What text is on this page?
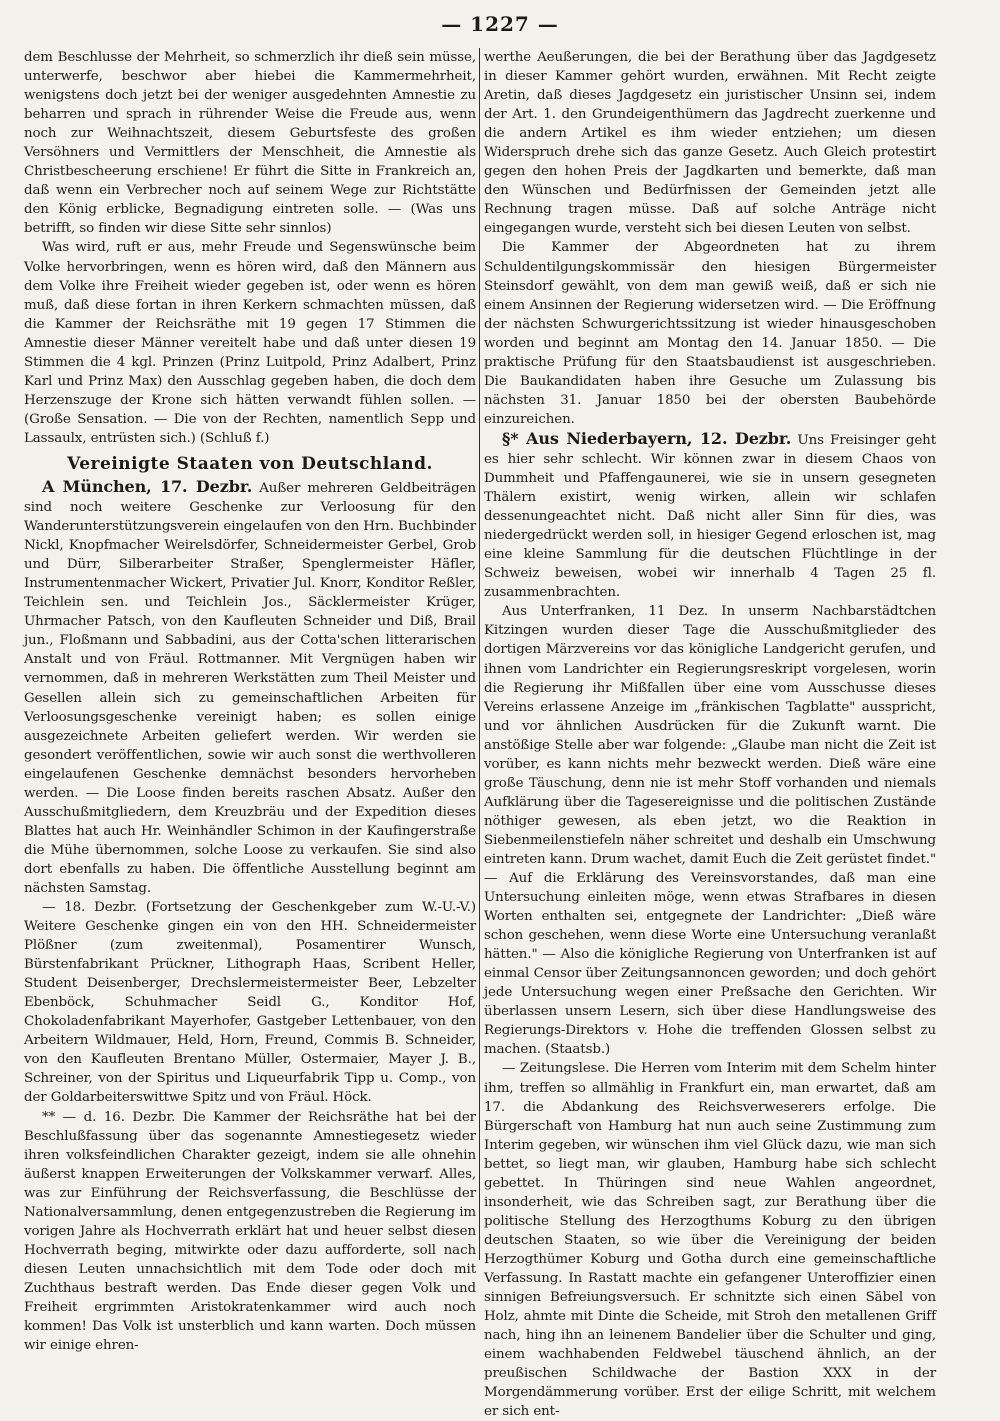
— 1227 —

dem Beschlusse der Mehrheit, so schmerzlich ihr dieß sein müsse, unterwerfe, beschwor aber hiebei die Kammermehrheit, wenigstens doch jetzt bei der weniger ausgedehnten Amnestie zu beharren und sprach in rührender Weise die Freude aus, wenn noch zur Weihnachtszeit, diesem Geburtsfeste des großen Versöhners und Vermittlers der Menschheit, die Amnestie als Christbescheerung erschiene! Er führt die Sitte in Frankreich an, daß wenn ein Verbrecher noch auf seinem Wege zur Richtstätte den König erblicke, Begnadigung eintreten solle. — (Was uns betrifft, so finden wir diese Sitte sehr sinnlos)

Was wird, ruft er aus, mehr Freude und Segenswünsche beim Volke hervorbringen, wenn es hören wird, daß den Männern aus dem Volke ihre Freiheit wieder gegeben ist, oder wenn es hören muß, daß diese fortan in ihren Kerkern schmachten müssen, daß die Kammer der Reichsräthe mit 19 gegen 17 Stimmen die Amnestie dieser Männer vereitelt habe und daß unter diesen 19 Stimmen die 4 kgl. Prinzen (Prinz Luitpold, Prinz Adalbert, Prinz Karl und Prinz Max) den Ausschlag gegeben haben, die doch dem Herzenszuge der Krone sich hätten verwandt fühlen sollen. — (Große Sensation. — Die von der Rechten, namentlich Sepp und Lassaulx, entrüsten sich.) (Schluß f.)

Vereinigte Staaten von Deutschland.

A München, 17. Dezbr. Außer mehreren Geldbeiträgen sind noch weitere Geschenke zur Verloosung für den Wanderunterstützungsverein eingelaufen von den Hrn. Buchbinder Nickl, Knopfmacher Weirelsdörfer, Schneidermeister Gerbel, Grob und Dürr, Silberarbeiter Straßer, Spenglermeister Häfler, Instrumentenmacher Wickert, Privatier Jul. Knorr, Konditor Reßler, Teichlein sen. und Teichlein Jos., Säcklermeister Krüger, Uhrmacher Patsch, von den Kaufleuten Schneider und Diß, Brail jun., Floßmann und Sabbadini, aus der Cotta'schen litterarischen Anstalt und von Fräul. Rottmanner. Mit Vergnügen haben wir vernommen, daß in mehreren Werkstätten zum Theil Meister und Gesellen allein sich zu gemeinschaftlichen Arbeiten für Verloosungsgeschenke vereinigt haben; es sollen einige ausgezeichnete Arbeiten geliefert werden. Wir werden sie gesondert veröffentlichen, sowie wir auch sonst die werthvolleren eingelaufenen Geschenke demnächst besonders hervorheben werden. — Die Loose finden bereits raschen Absatz. Außer den Ausschußmitgliedern, dem Kreuzbräu und der Expedition dieses Blattes hat auch Hr. Weinhändler Schimon in der Kaufingerstraße die Mühe übernommen, solche Loose zu verkaufen. Sie sind also dort ebenfalls zu haben. Die öffentliche Ausstellung beginnt am nächsten Samstag.

— 18. Dezbr. (Fortsetzung der Geschenkgeber zum W.-U.-V.) Weitere Geschenke gingen ein von den HH. Schneidermeister Plößner (zum zweitenmal), Posamentirer Wunsch, Bürstenfabrikant Prückner, Lithograph Haas, Scribent Heller, Student Deisenberger, Drechslermeistermeister Beer, Lebzelter Ebenböck, Schuhmacher Seidl G., Konditor Hof, Chokoladenfabrikant Mayerhofer, Gastgeber Lettenbauer, von den Arbeitern Wildmauer, Held, Horn, Freund, Commis B. Schneider, von den Kaufleuten Brentano Müller, Ostermaier, Mayer J. B., Schreiner, von der Spiritus und Liqueurfabrik Tipp u. Comp., von der Goldarbeiterswittwe Spitz und von Fräul. Höck.

** — d. 16. Dezbr. Die Kammer der Reichsräthe hat bei der Beschlußfassung über das sogenannte Amnestiegesetz wieder ihren volksfeindlichen Charakter gezeigt, indem sie alle ohnehin äußerst knappen Erweiterungen der Volkskammer verwarf. Alles, was zur Einführung der Reichsverfassung, die Beschlüsse der Nationalversammlung, denen entgegenzustreben die Regierung im vorigen Jahre als Hochverrath erklärt hat und heuer selbst diesen Hochverrath beging, mitwirkte oder dazu aufforderte, soll nach diesen Leuten unnachsichtlich mit dem Tode oder doch mit Zuchthaus bestraft werden. Das Ende dieser gegen Volk und Freiheit ergrimmten Aristokratenkammer wird auch noch kommen! Das Volk ist unsterblich und kann warten. Doch müssen wir einige ehren-

werthe Aeußerungen, die bei der Berathung über das Jagdgesetz in dieser Kammer gehört wurden, erwähnen. Mit Recht zeigte Aretin, daß dieses Jagdgesetz ein juristischer Unsinn sei, indem der Art. 1. den Grundeigenthümern das Jagdrecht zuerkenne und die andern Artikel es ihm wieder entziehen; um diesen Widerspruch drehe sich das ganze Gesetz. Auch Gleich protestirt gegen den hohen Preis der Jagdkarten und bemerkte, daß man den Wünschen und Bedürfnissen der Gemeinden jetzt alle Rechnung tragen müsse. Daß auf solche Anträge nicht eingegangen wurde, versteht sich bei diesen Leuten von selbst.

Die Kammer der Abgeordneten hat zu ihrem Schuldentilgungskommissär den hiesigen Bürgermeister Steinsdorf gewählt, von dem man gewiß weiß, daß er sich nie einem Ansinnen der Regierung widersetzen wird. — Die Eröffnung der nächsten Schwurgerichtssitzung ist wieder hinausgeschoben worden und beginnt am Montag den 14. Januar 1850. — Die praktische Prüfung für den Staatsbaudienst ist ausgeschrieben. Die Baukandidaten haben ihre Gesuche um Zulassung bis nächsten 31. Januar 1850 bei der obersten Baubehörde einzureichen.

§* Aus Niederbayern, 12. Dezbr. Uns Freisinger geht es hier sehr schlecht. Wir können zwar in diesem Chaos von Dummheit und Pfaffengaunerei, wie sie in unsern gesegneten Thälern existirt, wenig wirken, allein wir schlafen dessenungeachtet nicht. Daß nicht aller Sinn für dies, was niedergedrückt werden soll, in hiesiger Gegend erloschen ist, mag eine kleine Sammlung für die deutschen Flüchtlinge in der Schweiz beweisen, wobei wir innerhalb 4 Tagen 25 fl. zusammenbrachten.

Aus Unterfranken, 11 Dez. In unserm Nachbarstädtchen Kitzingen wurden dieser Tage die Ausschußmitglieder des dortigen Märzvereins vor das königliche Landgericht gerufen, und ihnen vom Landrichter ein Regierungsreskript vorgelesen, worin die Regierung ihr Mißfallen über eine vom Ausschusse dieses Vereins erlassene Anzeige im „fränkischen Tagblatte" ausspricht, und vor ähnlichen Ausdrücken für die Zukunft warnt. Die anstößige Stelle aber war folgende: „Glaube man nicht die Zeit ist vorüber, es kann nichts mehr bezweckt werden. Dieß wäre eine große Täuschung, denn nie ist mehr Stoff vorhanden und niemals Aufklärung über die Tagesereignisse und die politischen Zustände nöthiger gewesen, als eben jetzt, wo die Reaktion in Siebenmeilenstiefeln näher schreitet und deshalb ein Umschwung eintreten kann. Drum wachet, damit Euch die Zeit gerüstet findet." — Auf die Erklärung des Vereinsvorstandes, daß man eine Untersuchung einleiten möge, wenn etwas Strafbares in diesen Worten enthalten sei, entgegnete der Landrichter: „Dieß wäre schon geschehen, wenn diese Worte eine Untersuchung veranlaßt hätten." — Also die königliche Regierung von Unterfranken ist auf einmal Censor über Zeitungsannoncen geworden; und doch gehört jede Untersuchung wegen einer Preßsache den Gerichten. Wir überlassen unsern Lesern, sich über diese Handlungsweise des Regierungs-Direktors v. Hohe die treffenden Glossen selbst zu machen. (Staatsb.)

— Zeitungslese. Die Herren vom Interim mit dem Schelm hinter ihm, treffen so allmählig in Frankfurt ein, man erwartet, daß am 17. die Abdankung des Reichsverweserers erfolge. Die Bürgerschaft von Hamburg hat nun auch seine Zustimmung zum Interim gegeben, wir wünschen ihm viel Glück dazu, wie man sich bettet, so liegt man, wir glauben, Hamburg habe sich schlecht gebettet. In Thüringen sind neue Wahlen angeordnet, insonderheit, wie das Schreiben sagt, zur Berathung über die politische Stellung des Herzogthums Koburg zu den übrigen deutschen Staaten, so wie über die Vereinigung der beiden Herzogthümer Koburg und Gotha durch eine gemeinschaftliche Verfassung. In Rastatt machte ein gefangener Unteroffizier einen sinnigen Befreiungsversuch. Er schnitzte sich einen Säbel von Holz, ahmte mit Dinte die Scheide, mit Stroh den metallenen Griff nach, hing ihn an leinenem Bandelier über die Schulter und ging, einem wachhabenden Feldwebel täuschend ähnlich, an der preußischen Schildwache der Bastion XXX in der Morgendämmerung vorüber. Erst der eilige Schritt, mit welchem er sich ent-
